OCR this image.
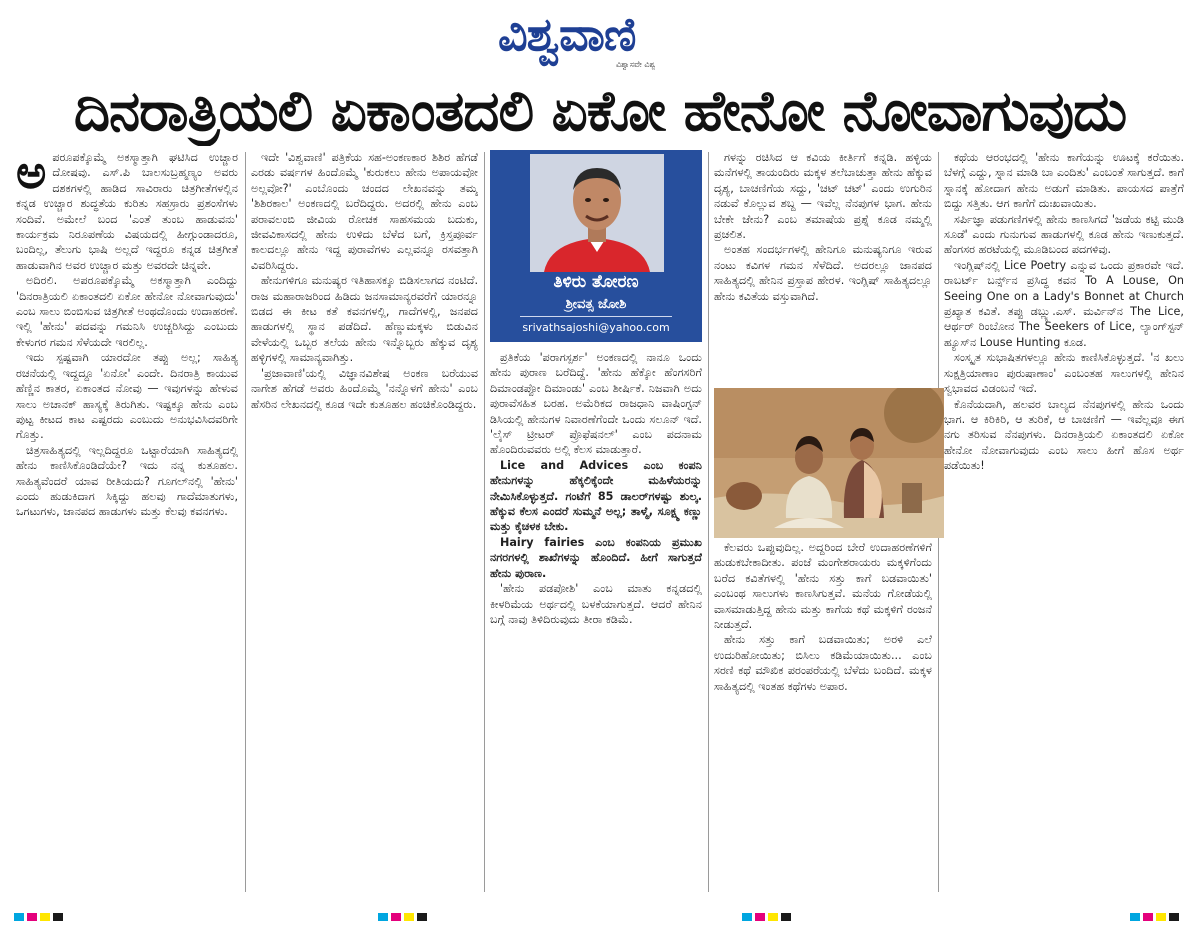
ವಿಶ್ವವಾಣಿ
ವಿಶ್ವಾಸವೇ ವಿಶ್ವ
ದಿನರಾತ್ರಿಯಲಿ ಏಕಾಂತದಲಿ ಏಕೋ ಹೇನೋ ನೋವಾಗುವುದು
ಅ ಪರೂಪಕ್ಕೊಮ್ಮೆ ಅಕಸ್ಮಾತ್ತಾಗಿ ಘಟಿಸಿದ ಉಚ್ಚಾರ ದೋಷವು. ಎಸ್.ಪಿ ಬಾಲಸುಬ್ರಹ್ಮಣ್ಯಂ ಅವರು ದಶಕಗಳಲ್ಲಿ ಹಾಡಿದ ಸಾವಿರಾರು ಚಿತ್ರಗೀತೆಗಳಲ್ಲಿನ ಕನ್ನಡ ಉಚ್ಚಾರ ಶುದ್ಧತೆಯ ಕುರಿತು ಸಹಸ್ರಾರು ಪ್ರಶಂಸೆಗಳು ಸಂದಿವೆ. ಅಮೇಲೆ ಬಂದ 'ಎಂತೆ ತುಂಬ ಹಾಡುವನು' ಕಾರ್ಯಕ್ರಮ ನಿರೂಪಣೆಯ ವಿಷಯದಲ್ಲಿ ಹೀಗ್ಗುಂಡಾದರೂ, ಬಂದಿಲ್ಲ, ತೆಲುಗು ಭಾಷಿ ಅಲ್ಲದೆ ಇದ್ದರೂ ಕನ್ನಡ ಚಿತ್ರಗೀತೆ ಹಾಡುವಾಗಿನ ಅವರ ಉಚ್ಚಾರ ಮತ್ತು ಅವರದೇ ಚಿನ್ನವೇ.

ಅದಿರಲಿ. ಅಪರೂಪಕ್ಕೊಮ್ಮೆ ಅಕಸ್ಮಾತ್ತಾಗಿ ಎಂದಿದ್ದು 'ದಿನರಾತ್ರಿಯಲಿ ಏಕಾಂತದಲಿ ಏಕೋ ಹೇನೋ ನೋವಾಗುವುದು' ಎಂಬ ಸಾಲು ಬಿಂಬಿಸುವ ಚಿತ್ರಗೀತೆ ಅಂಥದೊಂದು ಉದಾಹರಣೆ. ಇಲ್ಲಿ 'ಹೇನು' ಪದವನ್ನು ಗಮನಿಸಿ ಉಚ್ಚರಿಸಿದ್ದು ಎಂಬುದು ಕೇಳುಗರ ಗಮನ ಸೆಳೆಯದೇ ಇರಲಿಲ್ಲ.

ಇದು ಸ್ಪಷ್ಟವಾಗಿ ಯಾರದೋ ತಪ್ಪು ಅಲ್ಲ; ಸಾಹಿತ್ಯ ರಚನೆಯಲ್ಲಿ ಇದ್ದದ್ದೂ 'ಏನೋ' ಎಂದೇ. ದಿನರಾತ್ರಿ ಕಾಯುವ ಹೆಣ್ಣಿನ ಕಾತರ, ಏಕಾಂತದ ನೋವು — ಇವುಗಳನ್ನು ಹೇಳುವ ಸಾಲು ಅಚಾನಕ್ ಹಾಸ್ಯಕ್ಕೆ ತಿರುಗಿತು. ಇಷ್ಟಕ್ಕೂ ಹೇನು ಎಂಬ ಪುಟ್ಟ ಕೀಟದ ಕಾಟ ಎಷ್ಟರದು ಎಂಬುದು ಅನುಭವಿಸಿದವರಿಗೇ ಗೊತ್ತು.

ಚಿತ್ರಸಾಹಿತ್ಯದಲ್ಲಿ ಇಲ್ಲದಿದ್ದರೂ ಒಟ್ಟಾರೆಯಾಗಿ ಸಾಹಿತ್ಯದಲ್ಲಿ ಹೇನು ಕಾಣಿಸಿಕೊಂಡಿದೆಯೇ? ಇದು ನನ್ನ ಕುತೂಹಲ. ಸಾಹಿತ್ಯವೆಂದರೆ ಯಾವ ರೀತಿಯದು? ಗೂಗಲ್‌ನಲ್ಲಿ 'ಹೇನು' ಎಂದು ಹುಡುಕಿದಾಗ ಸಿಕ್ಕಿದ್ದು ಹಲವು ಗಾದೆಮಾತುಗಳು, ಒಗಟುಗಳು, ಜಾನಪದ ಹಾಡುಗಳು ಮತ್ತು ಕೆಲವು ಕವನಗಳು.

ಇದೇ 'ವಿಶ್ವವಾಣಿ' ಪತ್ರಿಕೆಯ ಸಹ-ಅಂಕಣಕಾರ ಶಿಶಿರ ಹೆಗಡೆ ಎರಡು ವರ್ಷಗಳ ಹಿಂದೊಮ್ಮೆ 'ಕುರುಕಲು ಹೇನು ಅಪಾಯವೋ ಅಲ್ಲವೋ?' ಎಂಬೊಂದು ಚಂದದ ಲೇಖನವನ್ನು ತಮ್ಮ 'ಶಿಶಿರಕಾಲ' ಅಂಕಣದಲ್ಲಿ ಬರೆದಿದ್ದರು. ಅದರಲ್ಲಿ ಹೇನು ಎಂಬ ಪರಾವಲಂಬಿ ಜೀವಿಯ ರೋಚಕ ಸಾಹಸಮಯ ಬದುಕು, ಜೀವವಿಕಾಸದಲ್ಲಿ ಹೇನು ಉಳಿದು ಬೆಳೆದ ಬಗೆ, ಕ್ರಿಸ್ತಪೂರ್ವ ಕಾಲದಲ್ಲೂ ಹೇನು ಇದ್ದ ಪುರಾವೆಗಳು ಎಲ್ಲವನ್ನೂ ರಸವತ್ತಾಗಿ ವಿವರಿಸಿದ್ದರು.

ಹೇನುಗಳಿಗೂ ಮನುಷ್ಯರ ಇತಿಹಾಸಕ್ಕೂ ಬಿಡಿಸಲಾಗದ ನಂಟಿದೆ. ರಾಜ ಮಹಾರಾಜರಿಂದ ಹಿಡಿದು ಜನಸಾಮಾನ್ಯರವರೆಗೆ ಯಾರನ್ನೂ ಬಿಡದ ಈ ಕೀಟ ಕತೆ ಕವನಗಳಲ್ಲಿ, ಗಾದೆಗಳಲ್ಲಿ, ಜನಪದ ಹಾಡುಗಳಲ್ಲಿ ಸ್ಥಾನ ಪಡೆದಿದೆ. ಹೆಣ್ಣುಮಕ್ಕಳು ಬಿಡುವಿನ ವೇಳೆಯಲ್ಲಿ ಒಬ್ಬರ ತಲೆಯ ಹೇನು ಇನ್ನೊಬ್ಬರು ಹೆಕ್ಕುವ ದೃಶ್ಯ ಹಳ್ಳಿಗಳಲ್ಲಿ ಸಾಮಾನ್ಯವಾಗಿತ್ತು.

'ಪ್ರಜಾವಾಣಿ'ಯಲ್ಲಿ ವಿಜ್ಞಾನವಿಶೇಷ ಅಂಕಣ ಬರೆಯುವ ನಾಗೇಶ ಹೆಗಡೆ ಅವರು ಹಿಂದೊಮ್ಮೆ 'ನನ್ನೊಳಗೆ ಹೇನು' ಎಂಬ ಹೆಸರಿನ ಲೇಖನದಲ್ಲಿ ಕೂಡ ಇದೇ ಕುತೂಹಲ ಹಂಚಿಕೊಂಡಿದ್ದರು.

ತಿಳಿರು ತೋರಣ
ಶ್ರೀವತ್ಸ ಜೋಶಿ
srivathsajoshi@yahoo.com

ಪ್ರತಿಕೆಯ 'ಪರಾಗಸ್ಪರ್ಶ' ಅಂಕಣದಲ್ಲಿ ನಾನೂ ಒಂದು ಹೇನು ಪುರಾಣ ಬರೆದಿದ್ದೆ. 'ಹೇನು ಹೆಕ್ಕೋ ಹೆಂಗಸರಿಗೆ ದಿಮಾಂಡಪ್ಪೋ ದಿಮಾಂಡು' ಎಂಬ ಶೀರ್ಷಿಕೆ. ನಿಜವಾಗಿ ಅದು ಪುರಾವೆಸಹಿತ ಬರಹ. ಅಮೆರಿಕದ ರಾಜಧಾನಿ ವಾಷಿಂಗ್ಟನ್ ಡಿಸಿಯಲ್ಲಿ ಹೇನುಗಳ ನಿವಾರಣೆಗೆಂದೇ ಒಂದು ಸಲೂನ್ ಇದೆ. 'ಲೈಸ್ ಟ್ರೀಟರ್ ಪ್ರೊಫೆಷನಲ್' ಎಂಬ ಪದನಾಮ ಹೊಂದಿರುವವರು ಅಲ್ಲಿ ಕೆಲಸ ಮಾಡುತ್ತಾರೆ.

Lice and Advices ಎಂಬ ಕಂಪನಿ ಹೇನುಗಳನ್ನು ಹೆಕ್ಕಲಿಕ್ಕೆಂದೇ ಮಹಿಳೆಯರನ್ನು ನೇಮಿಸಿಕೊಳ್ಳುತ್ತದೆ. ಗಂಟೆಗೆ 85 ಡಾಲರ್‌ಗಳಷ್ಟು ಶುಲ್ಕ. ಹೆಕ್ಕುವ ಕೆಲಸ ಎಂದರೆ ಸುಮ್ಮನೆ ಅಲ್ಲ; ತಾಳ್ಮೆ, ಸೂಕ್ಷ್ಮ ಕಣ್ಣು ಮತ್ತು ಕೈಚಳಕ ಬೇಕು.

Hairy fairies ಎಂಬ ಕಂಪನಿಯ ಪ್ರಮುಖ ನಗರಗಳಲ್ಲಿ ಶಾಖೆಗಳನ್ನು ಹೊಂದಿದೆ. ಹೀಗೆ ಸಾಗುತ್ತದೆ ಹೇನು ಪುರಾಣ.

'ಹೇನು ಪಡಪೋಶಿ' ಎಂಬ ಮಾತು ಕನ್ನಡದಲ್ಲಿ ಕೀಳರಿಮೆಯ ಅರ್ಥದಲ್ಲಿ ಬಳಕೆಯಾಗುತ್ತದೆ. ಆದರೆ ಹೇನಿನ ಬಗ್ಗೆ ನಾವು ತಿಳಿದಿರುವುದು ತೀರಾ ಕಡಿಮೆ.

ಗಳನ್ನು ರಚಿಸಿದ ಆ ಕವಿಯ ಕೀರ್ತಿಗೆ ಕನ್ನಡಿ. ಹಳ್ಳಿಯ ಮನೆಗಳಲ್ಲಿ ತಾಯಂದಿರು ಮಕ್ಕಳ ತಲೆಬಾಚುತ್ತಾ ಹೇನು ಹೆಕ್ಕುವ ದೃಶ್ಯ, ಬಾಚಣಿಗೆಯ ಸದ್ದು, 'ಚಟ್ ಚಟ್' ಎಂದು ಉಗುರಿನ ನಡುವೆ ಕೊಲ್ಲುವ ಶಬ್ದ — ಇವೆಲ್ಲ ನೆನಪುಗಳ ಭಾಗ. ಹೇನು ಬೇಕೇ ಜೇನು? ಎಂಬ ತಮಾಷೆಯ ಪ್ರಶ್ನೆ ಕೂಡ ನಮ್ಮಲ್ಲಿ ಪ್ರಚಲಿತ.

ಅಂತಹ ಸಂದರ್ಭಗಳಲ್ಲಿ ಹೇನಿಗೂ ಮನುಷ್ಯನಿಗೂ ಇರುವ ನಂಟು ಕವಿಗಳ ಗಮನ ಸೆಳೆದಿದೆ. ಅದರಲ್ಲೂ ಜಾನಪದ ಸಾಹಿತ್ಯದಲ್ಲಿ ಹೇನಿನ ಪ್ರಸ್ತಾಪ ಹೇರಳ. ಇಂಗ್ಲಿಷ್ ಸಾಹಿತ್ಯದಲ್ಲೂ ಹೇನು ಕವಿತೆಯ ವಸ್ತುವಾಗಿದೆ.

ಕೆಲವರು ಒಪ್ಪುವುದಿಲ್ಲ. ಅದ್ದರಿಂದ ಬೇರೆ ಉದಾಹರಣೆಗಳಿಗೆ ಹುಡುಕಬೇಕಾದೀತು. ಪಂಜೆ ಮಂಗೇಶರಾಯರು ಮಕ್ಕಳಿಗೆಂದು ಬರೆದ ಕವಿತೆಗಳಲ್ಲಿ 'ಹೇನು ಸತ್ತು ಕಾಗೆ ಬಡವಾಯಿತು' ಎಂಬಂಥ ಸಾಲುಗಳು ಕಾಣಸಿಗುತ್ತವೆ. ಮನೆಯ ಗೋಡೆಯಲ್ಲಿ ವಾಸಮಾಡುತ್ತಿದ್ದ ಹೇನು ಮತ್ತು ಕಾಗೆಯ ಕಥೆ ಮಕ್ಕಳಿಗೆ ರಂಜನೆ ನೀಡುತ್ತದೆ.

ಹೇನು ಸತ್ತು ಕಾಗೆ ಬಡವಾಯಿತು; ಅರಳಿ ಎಲೆ ಉದುರಿಹೋಯಿತು; ಬಿಸಿಲು ಕಡಿಮೆಯಾಯಿತು... ಎಂಬ ಸರಣಿ ಕಥೆ ಮೌಖಿಕ ಪರಂಪರೆಯಲ್ಲಿ ಬೆಳೆದು ಬಂದಿದೆ. ಮಕ್ಕಳ ಸಾಹಿತ್ಯದಲ್ಲಿ ಇಂತಹ ಕಥೆಗಳು ಅಪಾರ.

ಕಥೆಯ ಆರಂಭದಲ್ಲಿ 'ಹೇನು ಕಾಗೆಯನ್ನು ಊಟಕ್ಕೆ ಕರೆಯಿತು. ಬೆಳಗ್ಗೆ ಎದ್ದು, ಸ್ನಾನ ಮಾಡಿ ಬಾ ಎಂದಿತು' ಎಂಬಂತೆ ಸಾಗುತ್ತದೆ. ಕಾಗೆ ಸ್ನಾನಕ್ಕೆ ಹೋದಾಗ ಹೇನು ಅಡುಗೆ ಮಾಡಿತು. ಪಾಯಸದ ಪಾತ್ರೆಗೆ ಬಿದ್ದು ಸತ್ತಿತು. ಆಗ ಕಾಗೆಗೆ ದುಃಖವಾಯಿತು.

ಸರ್ಪಿಜ್ಞಾ ಪಡುಗಣಿಗಳಲ್ಲಿ ಹೇನು ಕಾಣಸಿಗದೆ 'ಜಡೆಯ ಕಟ್ಟಿ ಮುಡಿ ಸೂಡೆ' ಎಂದು ಗುನುಗುವ ಹಾಡುಗಳಲ್ಲಿ ಕೂಡ ಹೇನು ಇಣುಕುತ್ತದೆ. ಹೆಂಗಸರ ಹರಟೆಯಲ್ಲಿ ಮೂಡಿಬಂದ ಪದಗಳಿವು.

ಇಂಗ್ಲಿಷ್‌ನಲ್ಲಿ Lice Poetry ಎನ್ನುವ ಒಂದು ಪ್ರಕಾರವೇ ಇದೆ. ರಾಬರ್ಟ್ ಬರ್ನ್ಸ್‌ನ ಪ್ರಸಿದ್ಧ ಕವನ To A Louse, On Seeing One on a Lady's Bonnet at Church ಪ್ರಖ್ಯಾತ ಕವಿತೆ. ತಪ್ಪು ಡಬ್ಲ್ಯು.ಎಸ್. ಮರ್ವಿನ್‌ನ The Lice, ಆರ್ಥರ್ ರಿಂಬೋನ The Seekers of Lice, ಲ್ಯಾಂಗ್‌ಸ್ಟನ್ ಹ್ಯೂಸ್‌ನ Louse Hunting ಕೂಡ.

ಸಂಸ್ಕೃತ ಸುಭಾಷಿತಗಳಲ್ಲೂ ಹೇನು ಕಾಣಿಸಿಕೊಳ್ಳುತ್ತದೆ. 'ನ ಖಲು ಸುಕ್ಷತ್ರಿಯಾಣಾಂ ಪುರುಷಾಣಾಂ' ಎಂಬಂತಹ ಸಾಲುಗಳಲ್ಲಿ ಹೇನಿನ ಸ್ವಭಾವದ ವಿಡಂಬನೆ ಇದೆ.

ಕೊನೆಯದಾಗಿ, ಹಲವರ ಬಾಲ್ಯದ ನೆನಪುಗಳಲ್ಲಿ ಹೇನು ಒಂದು ಭಾಗ. ಆ ಕಿರಿಕಿರಿ, ಆ ತುರಿಕೆ, ಆ ಬಾಚಣಿಗೆ — ಇವೆಲ್ಲವೂ ಈಗ ನಗು ತರಿಸುವ ನೆನಪುಗಳು. ದಿನರಾತ್ರಿಯಲಿ ಏಕಾಂತದಲಿ ಏಕೋ ಹೇನೋ ನೋವಾಗುವುದು ಎಂಬ ಸಾಲು ಹೀಗೆ ಹೊಸ ಅರ್ಥ ಪಡೆಯಿತು!
